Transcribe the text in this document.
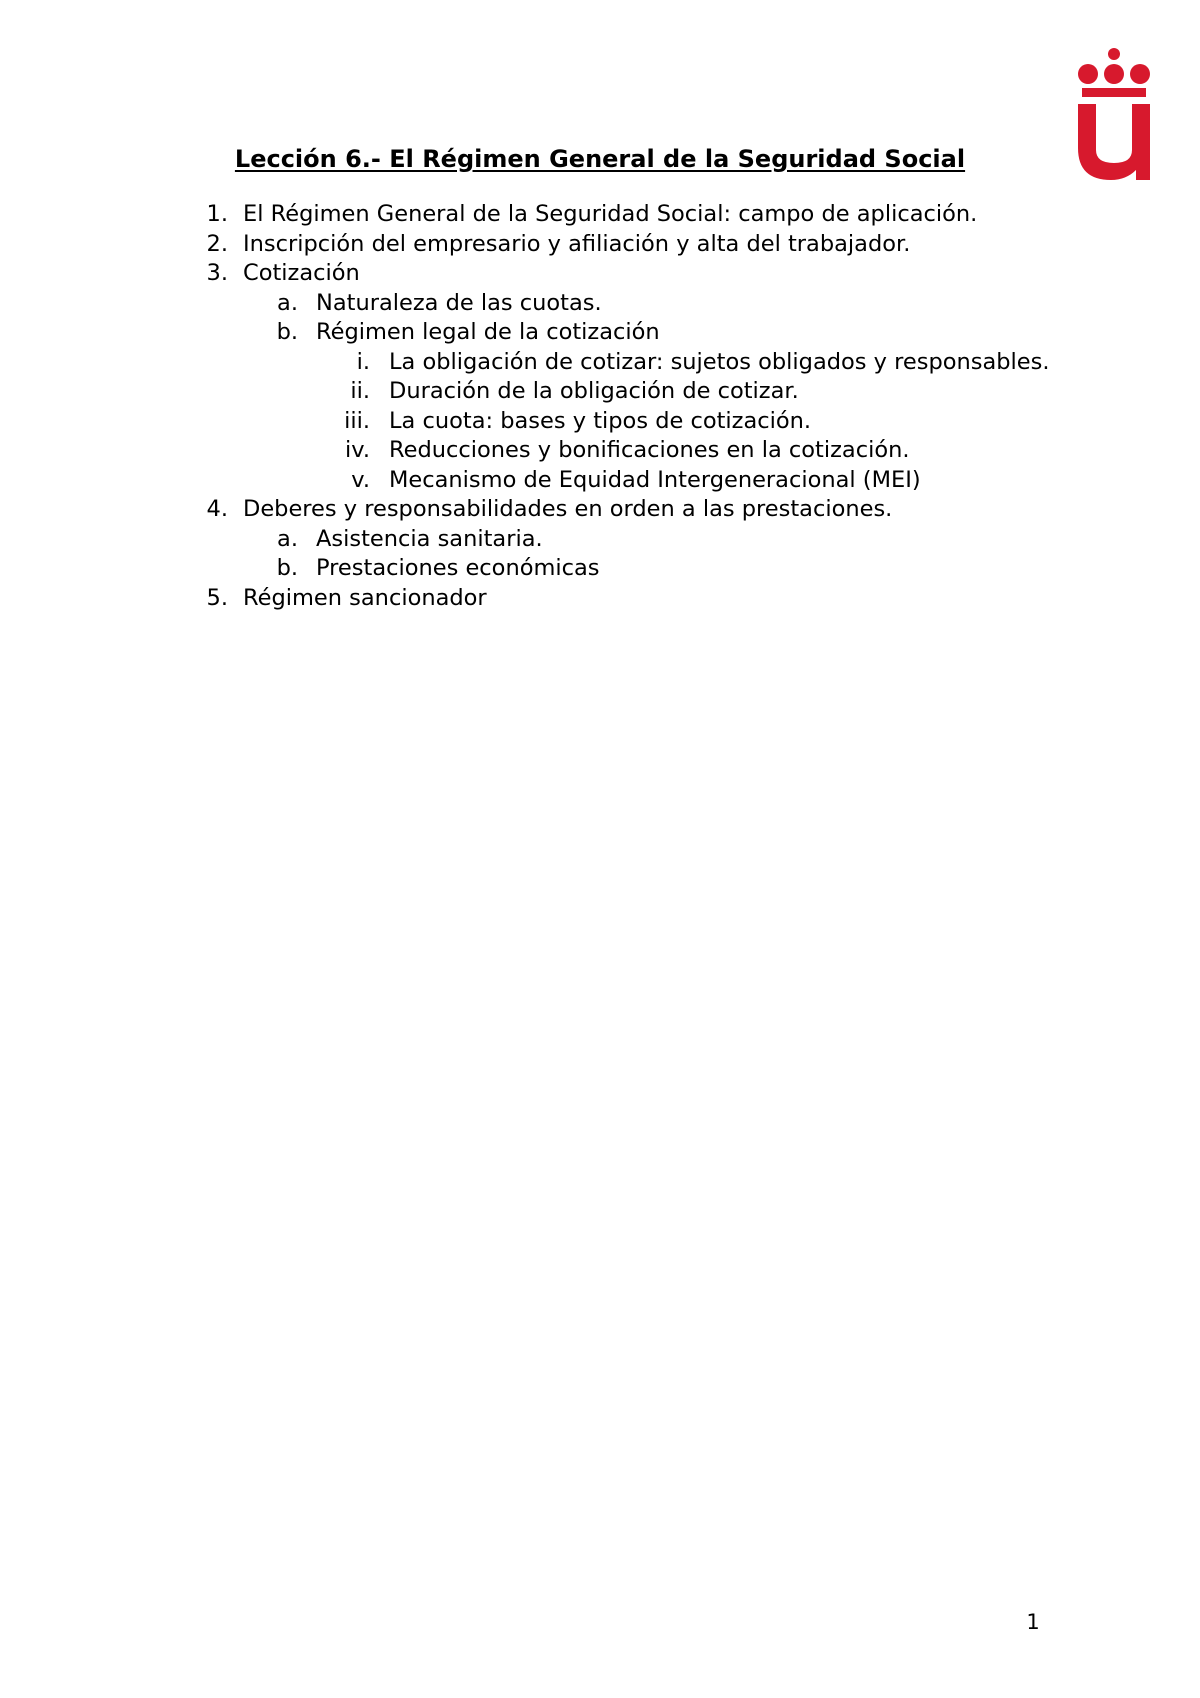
Lección 6.- El Régimen General de la Seguridad Social
1. El Régimen General de la Seguridad Social: campo de aplicación.
2. Inscripción del empresario y afiliación y alta del trabajador.
3. Cotización
a. Naturaleza de las cuotas.
b. Régimen legal de la cotización
i. La obligación de cotizar: sujetos obligados y responsables.
ii. Duración de la obligación de cotizar.
iii. La cuota: bases y tipos de cotización.
iv. Reducciones y bonificaciones en la cotización.
v. Mecanismo de Equidad Intergeneracional (MEI)
4. Deberes y responsabilidades en orden a las prestaciones.
a. Asistencia sanitaria.
b. Prestaciones económicas
5. Régimen sancionador
1
